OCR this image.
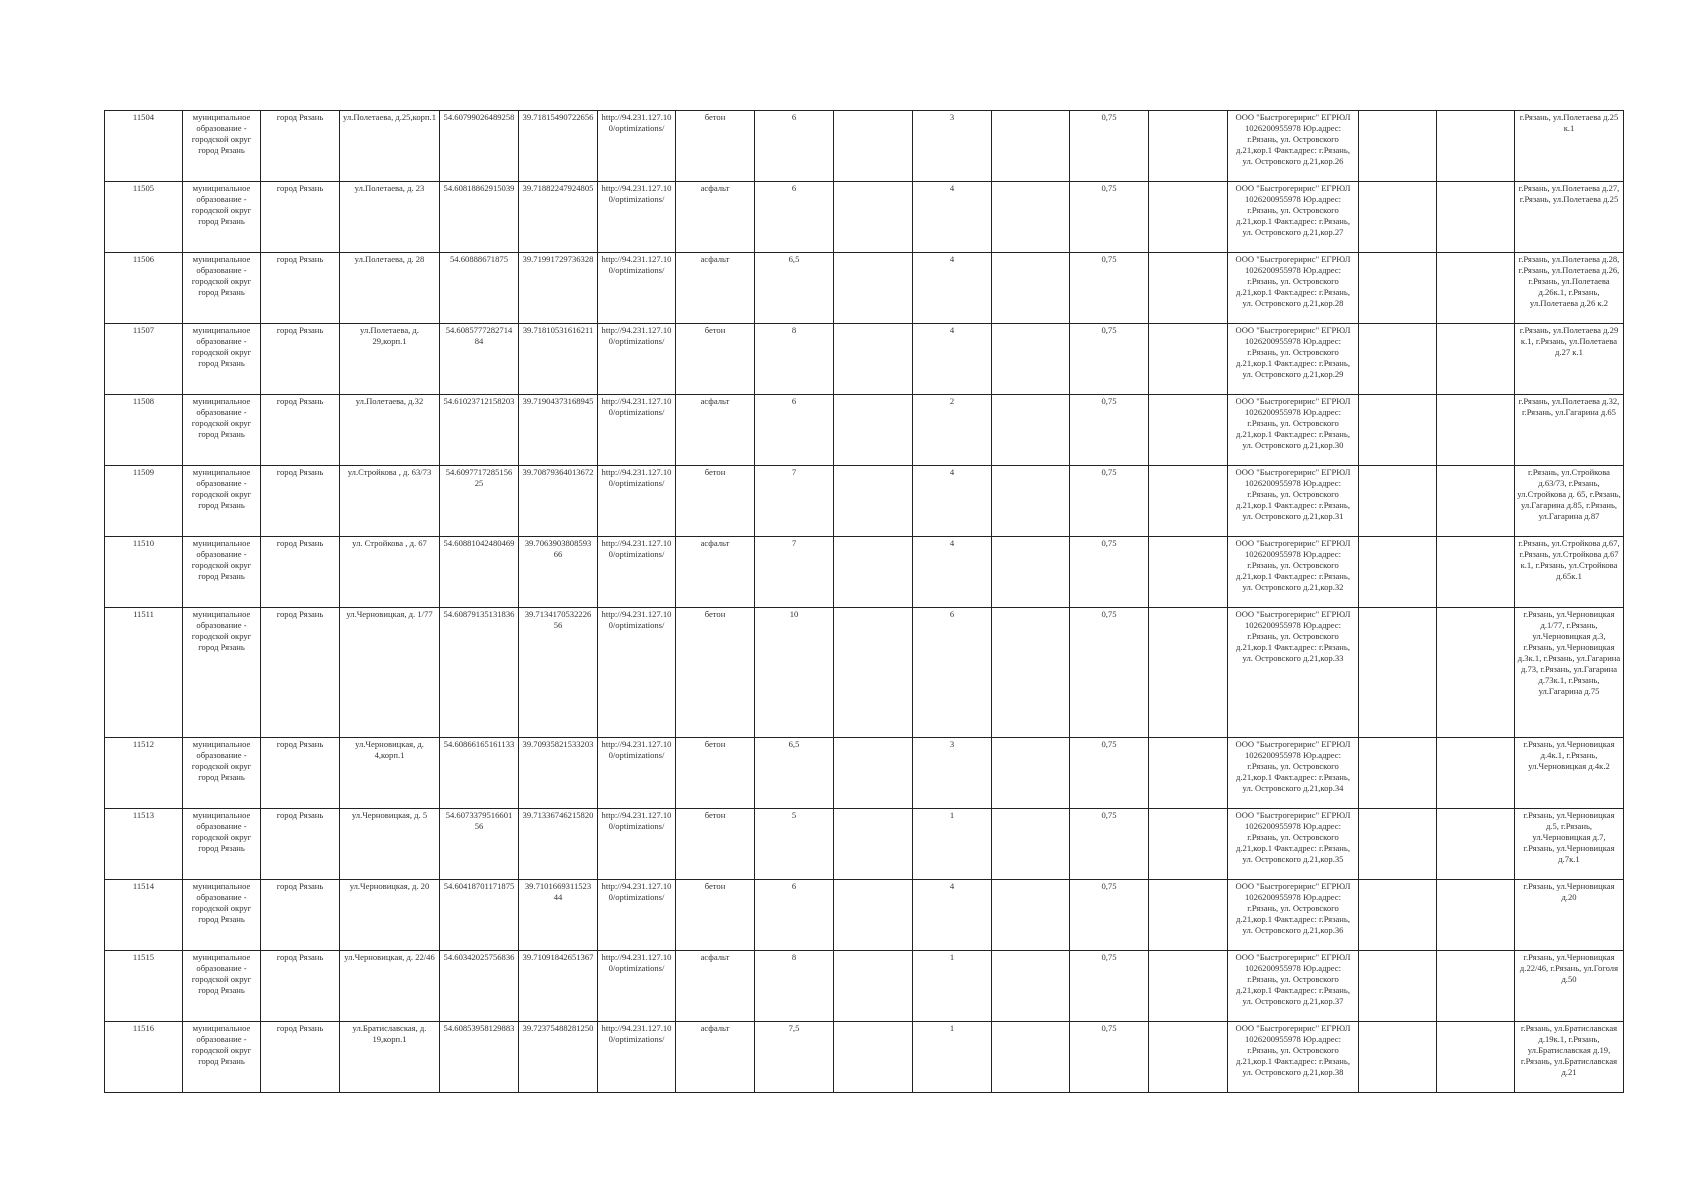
11504	муниципальное образование - городской округ город Рязань	город Рязань	ул.Полетаева, д.25,корп.1	54.60799026489258	39.71815490722656	http://94.231.127.100/optimizations/	бетон	6		3		0,75		ООО "Быстрогеририс" ЕГРЮЛ 1026200955978 Юр.адрес: г.Рязань, ул. Островского д.21,кор.1 Факт.адрес: г.Рязань, ул. Островского д.21,кор.26			г.Рязань, ул.Полетаева д.25 к.1
11505	муниципальное образование - городской округ город Рязань	город Рязань	ул.Полетаева, д. 23	54.60818862915039	39.71882247924805	http://94.231.127.100/optimizations/	асфальт	6		4		0,75		ООО "Быстрогеририс" ЕГРЮЛ 1026200955978 Юр.адрес: г.Рязань, ул. Островского д.21,кор.1 Факт.адрес: г.Рязань, ул. Островского д.21,кор.27			г.Рязань, ул.Полетаева д.27, г.Рязань, ул.Полетаева д.25
11506	муниципальное образование - городской округ город Рязань	город Рязань	ул.Полетаева, д. 28	54.60888671875	39.71991729736328	http://94.231.127.100/optimizations/	асфальт	6,5		4		0,75		ООО "Быстрогеририс" ЕГРЮЛ 1026200955978 Юр.адрес: г.Рязань, ул. Островского д.21,кор.1 Факт.адрес: г.Рязань, ул. Островского д.21,кор.28			г.Рязань, ул.Полетаева д.28, г.Рязань, ул.Полетаева д.26, г.Рязань, ул.Полетаева д.26к.1, г.Рязань, ул.Полетаева д.26 к.2
11507	муниципальное образование - городской округ город Рязань	город Рязань	ул.Полетаева, д. 29,корп.1	54.6085777282714 84	39.71810531616211	http://94.231.127.100/optimizations/	бетон	8		4		0,75		ООО "Быстрогеририс" ЕГРЮЛ 1026200955978 Юр.адрес: г.Рязань, ул. Островского д.21,кор.1 Факт.адрес: г.Рязань, ул. Островского д.21,кор.29			г.Рязань, ул.Полетаева д.29 к.1, г.Рязань, ул.Полетаева д.27 к.1
11508	муниципальное образование - городской округ город Рязань	город Рязань	ул.Полетаева, д.32	54.61023712158203	39.71904373168945	http://94.231.127.100/optimizations/	асфальт	6		2		0,75		ООО "Быстрогеририс" ЕГРЮЛ 1026200955978 Юр.адрес: г.Рязань, ул. Островского д.21,кор.1 Факт.адрес: г.Рязань, ул. Островского д.21,кор.30			г.Рязань, ул.Полетаева д.32, г.Рязань, ул.Гагарина д.65
11509	муниципальное образование - городской округ город Рязань	город Рязань	ул.Стройкова , д. 63/73	54.6097717285156 25	39.70879364013672	http://94.231.127.100/optimizations/	бетон	7		4		0,75		ООО "Быстрогеририс" ЕГРЮЛ 1026200955978 Юр.адрес: г.Рязань, ул. Островского д.21,кор.1 Факт.адрес: г.Рязань, ул. Островского д.21,кор.31			г.Рязань, ул.Стройкова д.63/73, г.Рязань, ул.Стройкова д. 65, г.Рязань, ул.Гагарина д.85, г.Рязань, ул.Гагарина д.87
11510	муниципальное образование - городской округ город Рязань	город Рязань	ул. Стройкова , д. 67	54.60881042480469	39.7063903808593 66	http://94.231.127.100/optimizations/	асфальт	7		4		0,75		ООО "Быстрогеририс" ЕГРЮЛ 1026200955978 Юр.адрес: г.Рязань, ул. Островского д.21,кор.1 Факт.адрес: г.Рязань, ул. Островского д.21,кор.32			г.Рязань, ул.Стройкова д.67, г.Рязань, ул.Стройкова д.67 к.1, г.Рязань, ул.Стройкова д.65к.1
11511	муниципальное образование - городской округ город Рязань	город Рязань	ул.Черновицкая, д. 1/77	54.60879135131836	39.7134170532226 56	http://94.231.127.100/optimizations/	бетон	10		6		0,75		ООО "Быстрогеририс" ЕГРЮЛ 1026200955978 Юр.адрес: г.Рязань, ул. Островского д.21,кор.1 Факт.адрес: г.Рязань, ул. Островского д.21,кор.33			г.Рязань, ул.Черновицкая д.1/77, г.Рязань, ул.Черновицкая д.3, г.Рязань, ул.Черновицкая д.3к.1, г.Рязань, ул.Гагарина д.73, г.Рязань, ул.Гагарина д.73к.1, г.Рязань, ул.Гагарина д.75
11512	муниципальное образование - городской округ город Рязань	город Рязань	ул.Черновицкая, д. 4,корп.1	54.60866165161133	39.70935821533203	http://94.231.127.100/optimizations/	бетон	6,5		3		0,75		ООО "Быстрогеририс" ЕГРЮЛ 1026200955978 Юр.адрес: г.Рязань, ул. Островского д.21,кор.1 Факт.адрес: г.Рязань, ул. Островского д.21,кор.34			г.Рязань, ул.Черновицкая д.4к.1, г.Рязань, ул.Черновицкая д.4к.2
11513	муниципальное образование - городской округ город Рязань	город Рязань	ул.Черновицкая, д. 5	54.6073379516601 56	39.71336746215820	http://94.231.127.100/optimizations/	бетон	5		1		0,75		ООО "Быстрогеририс" ЕГРЮЛ 1026200955978 Юр.адрес: г.Рязань, ул. Островского д.21,кор.1 Факт.адрес: г.Рязань, ул. Островского д.21,кор.35			г.Рязань, ул.Черновицкая д.5, г.Рязань, ул.Черновицкая д.7, г.Рязань, ул.Черновицкая д.7к.1
11514	муниципальное образование - городской округ город Рязань	город Рязань	ул.Черновицкая, д. 20	54.60418701171875	39.7101669311523 44	http://94.231.127.100/optimizations/	бетон	6		4		0,75		ООО "Быстрогеририс" ЕГРЮЛ 1026200955978 Юр.адрес: г.Рязань, ул. Островского д.21,кор.1 Факт.адрес: г.Рязань, ул. Островского д.21,кор.36			г.Рязань, ул.Черновицкая д.20
11515	муниципальное образование - городской округ город Рязань	город Рязань	ул.Черновицкая, д. 22/46	54.60342025756836	39.71091842651367	http://94.231.127.100/optimizations/	асфальт	8		1		0,75		ООО "Быстрогеририс" ЕГРЮЛ 1026200955978 Юр.адрес: г.Рязань, ул. Островского д.21,кор.1 Факт.адрес: г.Рязань, ул. Островского д.21,кор.37			г.Рязань, ул.Черновицкая д.22/46, г.Рязань, ул.Гоголя д.50
11516	муниципальное образование - городской округ город Рязань	город Рязань	ул.Братиславская, д. 19,корп.1	54.60853958129883	39.72375488281250	http://94.231.127.100/optimizations/	асфальт	7,5		1		0,75		ООО "Быстрогеририс" ЕГРЮЛ 1026200955978 Юр.адрес: г.Рязань, ул. Островского д.21,кор.1 Факт.адрес: г.Рязань, ул. Островского д.21,кор.38			г.Рязань, ул.Братиславская д.19к.1, г.Рязань, ул.Братиславская д.19, г.Рязань, ул.Братиславская д.21
